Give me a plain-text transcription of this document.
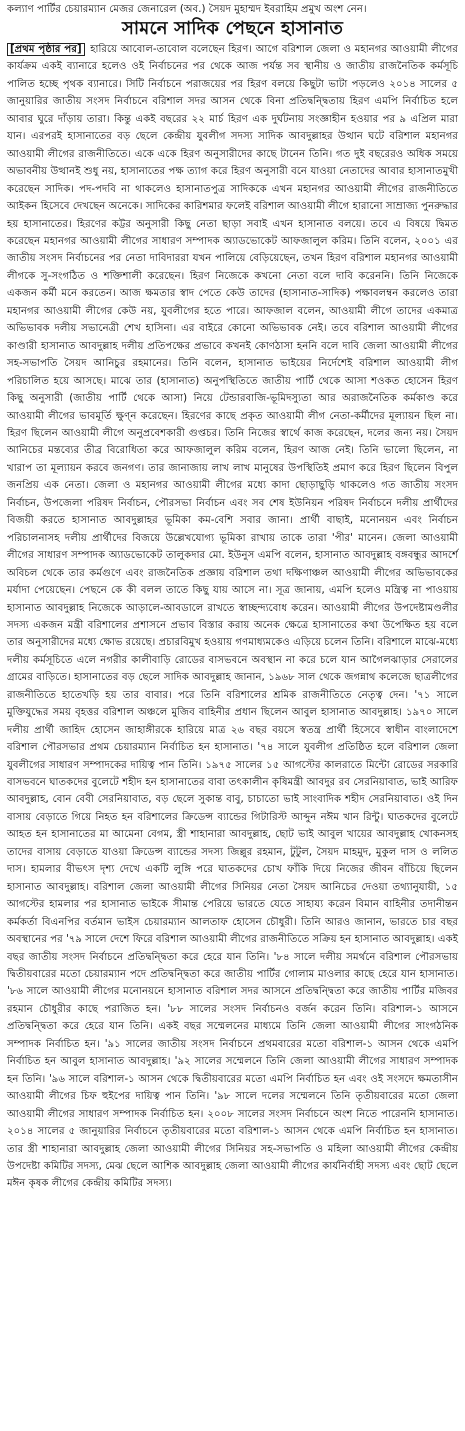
কল্যাণ পার্টির চেয়ারম্যান মেজর জেনারেল (অব.) সৈয়দ মুহাম্মদ ইবরাহিম প্রমুখ অংশ নেন।

সামনে সাদিক পেছনে হাসানাত

[প্রথম পৃষ্ঠার পর] হারিয়ে আবোল-তাবোল বলেছেন হিরণ। আগে বরিশাল জেলা ও মহানগর আওয়ামী লীগের কার্যক্রম একই ব্যানারে হলেও ওই নির্বাচনের পর থেকে আজ পর্যন্ত সব স্থানীয় ও জাতীয় রাজনৈতিক কর্মসূচি পালিত হচ্ছে পৃথক ব্যানারে। সিটি নির্বাচনে পরাজয়ের পর হিরণ বলয়ে কিছুটা ভাটা পড়লেও ২০১৪ সালের ৫ জানুয়ারির জাতীয় সংসদ নির্বাচনে বরিশাল সদর আসন থেকে বিনা প্রতিদ্বন্দ্বিতায় হিরণ এমপি নির্বাচিত হলে আবার ঘুরে দাঁড়ায় তারা। কিন্তু একই বছরের ২২ মার্চ হিরণ এক দুর্ঘটনায় সংজ্ঞাহীন হওয়ার পর ৯ এপ্রিল মারা যান। এরপরই হাসানাতের বড় ছেলে কেন্দ্রীয় যুবলীগ সদস্য সাদিক আবদুল্লাহর উত্থান ঘটে বরিশাল মহানগর আওয়ামী লীগের রাজনীতিতে। একে একে হিরণ অনুসারীদের কাছে টানেন তিনি। গত দুই বছরেরও অধিক সময়ে অভাবনীয় উত্থানই শুধু নয়, হাসানাতের পক্ষ ত্যাগ করে হিরণ অনুসারী বনে যাওয়া নেতাদের আবার হাসানাতমুখী করেছেন সাদিক। পদ-পদবি না থাকলেও হাসানাতপুত্র সাদিককে এখন মহানগর আওয়ামী লীগের রাজনীতিতে আইকন হিসেবে দেখছেন অনেকে। সাদিকের কারিশমার ফলেই বরিশাল আওয়ামী লীগে হারানো সাম্রাজ্য পুনরুদ্ধার হয় হাসানাতের। হিরণের কট্টর অনুসারী কিছু নেতা ছাড়া সবাই এখন হাসানাত বলয়ে। তবে এ বিষয়ে দ্বিমত করেছেন মহানগর আওয়ামী লীগের সাধারণ সম্পাদক অ্যাডভোকেট আফজালুল করিম। তিনি বলেন, ২০০১ এর জাতীয় সংসদ নির্বাচনের পর নেতা দাবিদাররা যখন পালিয়ে বেড়িয়েছেন, তখন হিরণ বরিশাল মহানগর আওয়ামী লীগকে সু-সংগঠিত ও শক্তিশালী করেছেন। হিরণ নিজেকে কখনো নেতা বলে দাবি করেননি। তিনি নিজেকে একজন কর্মী মনে করতেন। আজ ক্ষমতার স্বাদ পেতে কেউ তাদের (হাসানাত-সাদিক) পক্ষাবলম্বন করলেও তারা মহানগর আওয়ামী লীগের কেউ নয়, যুবলীগের হতে পারে। আফজাল বলেন, আওয়ামী লীগে তাদের একমাত্র অভিভাবক দলীয় সভানেত্রী শেখ হাসিনা। এর বাইরে কোনো অভিভাবক নেই। তবে বরিশাল আওয়ামী লীগের কাণ্ডারী হাসানাত আবদুল্লাহ দলীয় প্রতিপক্ষের প্রভাবে কখনই কোণঠাসা হননি বলে দাবি জেলা আওয়ামী লীগের সহ-সভাপতি সৈয়দ আনিচুর রহমানের। তিনি বলেন, হাসানাত ভাইয়ের নির্দেশেই বরিশাল আওয়ামী লীগ পরিচালিত হয়ে আসছে। মাঝে তার (হাসানাত) অনুপস্থিতিতে জাতীয় পার্টি থেকে আসা শওকত হোসেন হিরণ কিছু অনুসারী (জাতীয় পার্টি থেকে আসা) নিয়ে টেন্ডারবাজি-ভূমিদস্যুতা আর অরাজনৈতিক কর্মকাণ্ড করে আওয়ামী লীগের ভাবমূর্তি ক্ষুণ্ন করেছেন। হিরণের কাছে প্রকৃত আওয়ামী লীগ নেতা-কর্মীদের মূল্যায়ন ছিল না। হিরণ ছিলেন আওয়ামী লীগে অনুপ্রবেশকারী গুপ্তচর। তিনি নিজের স্বার্থে কাজ করেছেন, দলের জন্য নয়। সৈয়দ আনিচের মন্তব্যের তীব্র বিরোধিতা করে আফজালুল করিম বলেন, হিরণ আজ নেই। তিনি ভালো ছিলেন, না খারাপ তা মূল্যায়ন করবে জনগণ। তার জানাজায় লাখ লাখ মানুষের উপস্থিতিই প্রমাণ করে হিরণ ছিলেন বিপুল জনপ্রিয় এক নেতা। জেলা ও মহানগর আওয়ামী লীগের মধ্যে কাদা ছোড়াছুড়ি থাকলেও গত জাতীয় সংসদ নির্বাচন, উপজেলা পরিষদ নির্বাচন, পৌরসভা নির্বাচন এবং সব শেষ ইউনিয়ন পরিষদ নির্বাচনে দলীয় প্রার্থীদের বিজয়ী করতে হাসানাত আবদুল্লাহর ভূমিকা কম-বেশি সবার জানা। প্রার্থী বাছাই, মনোনয়ন এবং নির্বাচন পরিচালনাসহ দলীয় প্রার্থীদের বিজয়ে উল্লেখযোগ্য ভূমিকা রাখায় তাকে তারা 'পীর' মানেন। জেলা আওয়ামী লীগের সাধারণ সম্পাদক অ্যাডভোকেট তালুকদার মো. ইউনুস এমপি বলেন, হাসানাত আবদুল্লাহ বঙ্গবন্ধুর আদর্শে অবিচল থেকে তার কর্মগুণে এবং রাজনৈতিক প্রজ্ঞায় বরিশাল তথা দক্ষিণাঞ্চল আওয়ামী লীগের অভিভাবকের মর্যাদা পেয়েছেন। পেছনে কে কী বলল তাতে কিছু যায় আসে না। সূত্র জানায়, এমপি হলেও মন্ত্রিত্ব না পাওয়ায় হাসানাত আবদুল্লাহ নিজেকে আড়ালে-আবডালে রাখতে স্বাচ্ছন্দ্যবোধ করেন। আওয়ামী লীগের উপদেষ্টামণ্ডলীর সদস্য একজন মন্ত্রী বরিশালের প্রশাসনে প্রভাব বিস্তার করায় অনেক ক্ষেত্রে হাসানাতের কথা উপেক্ষিত হয় বলে তার অনুসারীদের মধ্যে ক্ষোভ রয়েছে। প্রচারবিমুখ হওয়ায় গণমাধ্যমকেও এড়িয়ে চলেন তিনি। বরিশালে মাঝে-মধ্যে দলীয় কর্মসূচিতে এলে নগরীর কালীবাড়ি রোডের বাসভবনে অবস্থান না করে চলে যান আগৈলঝাড়ার সেরালের গ্রামের বাড়িতে। হাসানাতের বড় ছেলে সাদিক আবদুল্লাহ জানান, ১৯৬৮ সাল থেকে জগন্নাথ কলেজে ছাত্রলীগের রাজনীতিতে হাতেখড়ি হয় তার বাবার। পরে তিনি বরিশালের শ্রমিক রাজনীতিতে নেতৃত্ব দেন। '৭১ সালে মুক্তিযুদ্ধের সময় বৃহত্তর বরিশাল অঞ্চলে মুজিব বাহিনীর প্রধান ছিলেন আবুল হাসানাত আবদুল্লাহ। ১৯৭০ সালে দলীয় প্রার্থী জাহিদ হোসেন জাহাঙ্গীরকে হারিয়ে মাত্র ২৬ বছর বয়সে স্বতন্ত্র প্রার্থী হিসেবে স্বাধীন বাংলাদেশে বরিশাল পৌরসভার প্রথম চেয়ারম্যান নির্বাচিত হন হাসানাত। '৭৪ সালে যুবলীগ প্রতিষ্ঠিত হলে বরিশাল জেলা যুবলীগের সাধারণ সম্পাদকের দায়িত্ব পান তিনি। ১৯৭৫ সালের ১৫ আগস্টের কালরাতে মিন্টো রোডের সরকারি বাসভবনে ঘাতকদের বুলেটে শহীদ হন হাসানাতের বাবা তৎকালীন কৃষিমন্ত্রী আবদুর রব সেরনিয়াবাত, ভাই আরিফ আবদুল্লাহ, বোন বেবী সেরনিয়াবাত, বড় ছেলে সুকান্ত বাবু, চাচাতো ভাই সাংবাদিক শহীদ সেরনিয়াবাত। ওই দিন বাসায় বেড়াতে গিয়ে নিহত হন বরিশালের ক্রিডেন্স ব্যান্ডের গিটারিস্ট আব্দুন নঈম খান রিন্টু। ঘাতকদের বুলেটে আহত হন হাসানাতের মা আমেনা বেগম, স্ত্রী শাহানারা আবদুল্লাহ, ছোট ভাই আবুল খায়ের আবদুল্লাহ খোকনসহ তাদের বাসায় বেড়াতে যাওয়া ক্রিডেন্স ব্যান্ডের সদস্য জিল্লুর রহমান, টুটুল, সৈয়দ মাহমুদ, মুকুল দাস ও ললিত দাস। হামলার বীভৎস দৃশ্য দেখে একটি লুঙ্গি পরে ঘাতকদের চোখ ফাঁকি দিয়ে নিজের জীবন বাঁচিয়ে ছিলেন হাসানাত আবদুল্লাহ। বরিশাল জেলা আওয়ামী লীগের সিনিয়র নেতা সৈয়দ আনিচের দেওয়া তথ্যানুযায়ী, ১৫ আগস্টের হামলার পর হাসানাত ভাইকে সীমান্ত পেরিয়ে ভারতে যেতে সাহায্য করেন বিমান বাহিনীর তদানীন্তন কর্মকর্তা বিএনপির বর্তমান ভাইস চেয়ারম্যান আলতাফ হোসেন চৌধুরী। তিনি আরও জানান, ভারতে চার বছর অবস্থানের পর '৭৯ সালে দেশে ফিরে বরিশাল আওয়ামী লীগের রাজনীতিতে সক্রিয় হন হাসানাত আবদুল্লাহ। একই বছর জাতীয় সংসদ নির্বাচনে প্রতিদ্বন্দ্বিতা করে হেরে যান তিনি। '৮৪ সালে দলীয় সমর্থনে বরিশাল পৌরসভায় দ্বিতীয়বারের মতো চেয়ারম্যান পদে প্রতিদ্বন্দ্বিতা করে জাতীয় পার্টির গোলাম মাওলার কাছে হেরে যান হাসানাত। '৮৬ সালে আওয়ামী লীগের মনোনয়নে হাসানাত বরিশাল সদর আসনে প্রতিদ্বন্দ্বিতা করে জাতীয় পার্টির মজিবর রহমান চৌধুরীর কাছে পরাজিত হন। '৮৮ সালের সংসদ নির্বাচনও বর্জন করেন তিনি। বরিশাল-১ আসনে প্রতিদ্বন্দ্বিতা করে হেরে যান তিনি। একই বছর সম্মেলনের মাধ্যমে তিনি জেলা আওয়ামী লীগের সাংগঠনিক সম্পাদক নির্বাচিত হন। '৯১ সালের জাতীয় সংসদ নির্বাচনে প্রথমবারের মতো বরিশাল-১ আসন থেকে এমপি নির্বাচিত হন আবুল হাসানাত আবদুল্লাহ। '৯২ সালের সম্মেলনে তিনি জেলা আওয়ামী লীগের সাধারণ সম্পাদক হন তিনি। '৯৬ সালে বরিশাল-১ আসন থেকে দ্বিতীয়বারের মতো এমপি নির্বাচিত হন এবং ওই সংসদে ক্ষমতাসীন আওয়ামী লীগের চিফ হুইপের দায়িত্ব পান তিনি। '৯৮ সালে দলের সম্মেলনে তিনি তৃতীয়বারের মতো জেলা আওয়ামী লীগের সাধারণ সম্পাদক নির্বাচিত হন। ২০০৮ সালের সংসদ নির্বাচনে অংশ নিতে পারেননি হাসানাত। ২০১৪ সালের ৫ জানুয়ারির নির্বাচনে তৃতীয়বারের মতো বরিশাল-১ আসন থেকে এমপি নির্বাচিত হন হাসানাত। তার স্ত্রী শাহানারা আবদুল্লাহ জেলা আওয়ামী লীগের সিনিয়র সহ-সভাপতি ও মহিলা আওয়ামী লীগের কেন্দ্রীয় উপদেষ্টা কমিটির সদস্য, মেঝ ছেলে আশিক আবদুল্লাহ জেলা আওয়ামী লীগের কার্যনির্বাহী সদস্য এবং ছোট ছেলে মঈন কৃষক লীগের কেন্দ্রীয় কমিটির সদস্য।
